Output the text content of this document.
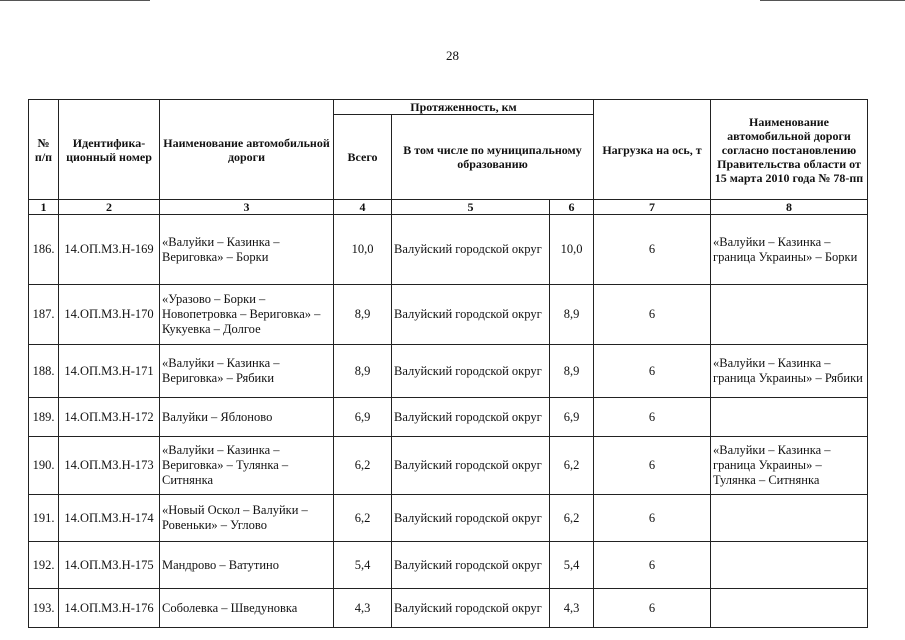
28
№ п/п	Идентифика-ционный номер	Наименование автомобильной дороги	Протяженность, км			Нагрузка на ось, т	Наименование автомобильной дороги согласно постановлению Правительства области от 15 марта 2010 года № 78-пп
			Всего	В том числе по муниципальному образованию			
1	2	3	4	5	6	7	8
186.	14.ОП.МЗ.Н-169	«Валуйки – Казинка – Вериговка» – Борки	10,0	Валуйский городской округ	10,0	6	«Валуйки – Казинка – граница Украины» – Борки
187.	14.ОП.МЗ.Н-170	«Уразово – Борки – Новопетровка – Вериговка» – Кукуевка – Долгое	8,9	Валуйский городской округ	8,9	6	
188.	14.ОП.МЗ.Н-171	«Валуйки – Казинка – Вериговка» – Рябики	8,9	Валуйский городской округ	8,9	6	«Валуйки – Казинка – граница Украины» – Рябики
189.	14.ОП.МЗ.Н-172	Валуйки – Яблоново	6,9	Валуйский городской округ	6,9	6	
190.	14.ОП.МЗ.Н-173	«Валуйки – Казинка – Вериговка» – Тулянка – Ситнянка	6,2	Валуйский городской округ	6,2	6	«Валуйки – Казинка – граница Украины» – Тулянка – Ситнянка
191.	14.ОП.МЗ.Н-174	«Новый Оскол – Валуйки – Ровеньки» – Углово	6,2	Валуйский городской округ	6,2	6	
192.	14.ОП.МЗ.Н-175	Мандрово – Ватутино	5,4	Валуйский городской округ	5,4	6	
193.	14.ОП.МЗ.Н-176	Соболевка – Шведуновка	4,3	Валуйский городской округ	4,3	6	
